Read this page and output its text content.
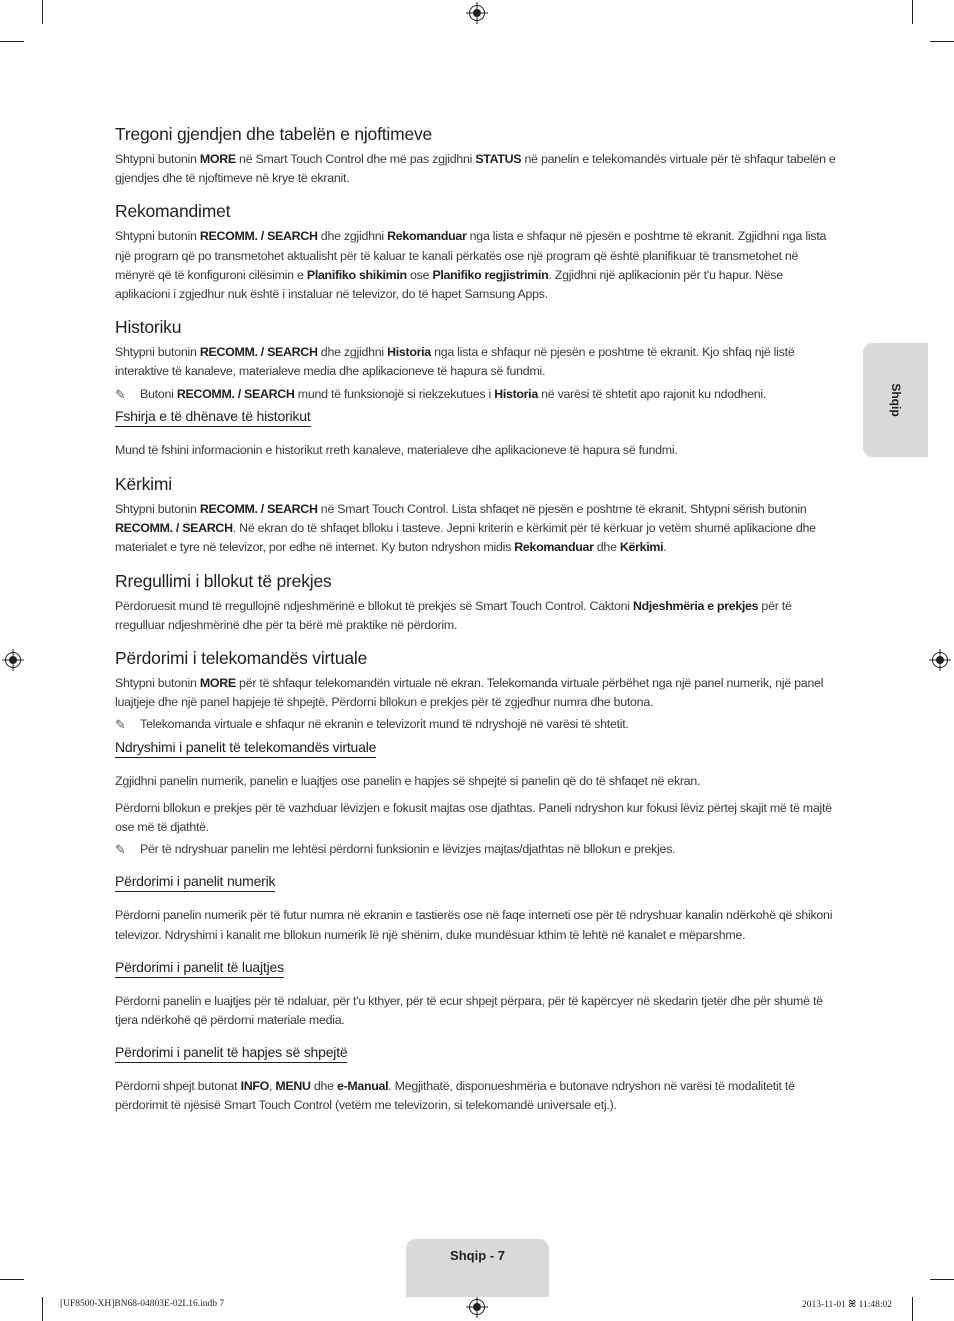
Tregoni gjendjen dhe tabelën e njoftimeve

Shtypni butonin MORE në Smart Touch Control dhe më pas zgjidhni STATUS në panelin e telekomandës virtuale për të shfaqur tabelën e gjendjes dhe të njoftimeve në krye të ekranit.

Rekomandimet

Shtypni butonin RECOMM. / SEARCH dhe zgjidhni Rekomanduar nga lista e shfaqur në pjesën e poshtme të ekranit. Zgjidhni nga lista një program që po transmetohet aktualisht për të kaluar te kanali përkatës ose një program që është planifikuar të transmetohet në mënyrë që të konfiguroni cilësimin e Planifiko shikimin ose Planifiko regjistrimin. Zgjidhni një aplikacionin për t'u hapur. Nëse aplikacioni i zgjedhur nuk është i instaluar në televizor, do të hapet Samsung Apps.

Historiku

Shtypni butonin RECOMM. / SEARCH dhe zgjidhni Historia nga lista e shfaqur në pjesën e poshtme të ekranit. Kjo shfaq një listë interaktive të kanaleve, materialeve media dhe aplikacioneve të hapura së fundmi.

✎ Butoni RECOMM. / SEARCH mund të funksionojë si riekzekutues i Historia në varësi të shtetit apo rajonit ku ndodheni.

Fshirja e të dhënave të historikut

Mund të fshini informacionin e historikut rreth kanaleve, materialeve dhe aplikacioneve të hapura së fundmi.

Kërkimi

Shtypni butonin RECOMM. / SEARCH në Smart Touch Control. Lista shfaqet në pjesën e poshtme të ekranit. Shtypni sërish butonin RECOMM. / SEARCH. Në ekran do të shfaqet blloku i tasteve. Jepni kriterin e kërkimit për të kërkuar jo vetëm shumë aplikacione dhe materialet e tyre në televizor, por edhe në internet. Ky buton ndryshon midis Rekomanduar dhe Kërkimi.

Rregullimi i bllokut të prekjes

Përdoruesit mund të rregullojnë ndjeshmërinë e bllokut të prekjes së Smart Touch Control. Caktoni Ndjeshmëria e prekjes për të rregulluar ndjeshmërinë dhe për ta bërë më praktike në përdorim.

Përdorimi i telekomandës virtuale

Shtypni butonin MORE për të shfaqur telekomandën virtuale në ekran. Telekomanda virtuale përbëhet nga një panel numerik, një panel luajtjeje dhe një panel hapjeje të shpejtë. Përdorni bllokun e prekjes për të zgjedhur numra dhe butona.

✎ Telekomanda virtuale e shfaqur në ekranin e televizorit mund të ndryshojë në varësi të shtetit.

Ndryshimi i panelit të telekomandës virtuale

Zgjidhni panelin numerik, panelin e luajtjes ose panelin e hapjes së shpejtë si panelin që do të shfaqet në ekran.

Përdorni bllokun e prekjes për të vazhduar lëvizjen e fokusit majtas ose djathtas. Paneli ndryshon kur fokusi lëviz përtej skajit më të majtë ose më të djathtë.

✎ Për të ndryshuar panelin me lehtësi përdorni funksionin e lëvizjes majtas/djathtas në bllokun e prekjes.

Përdorimi i panelit numerik

Përdorni panelin numerik për të futur numra në ekranin e tastierës ose në faqe interneti ose për të ndryshuar kanalin ndërkohë që shikoni televizor. Ndryshimi i kanalit me bllokun numerik lë një shënim, duke mundësuar kthim të lehtë në kanalet e mëparshme.

Përdorimi i panelit të luajtjes

Përdorni panelin e luajtjes për të ndaluar, për t'u kthyer, për të ecur shpejt përpara, për të kapërcyer në skedarin tjetër dhe për shumë të tjera ndërkohë që përdorni materiale media.

Përdorimi i panelit të hapjes së shpejtë

Përdorni shpejt butonat INFO, MENU dhe e-Manual. Megjithatë, disponueshmëria e butonave ndryshon në varësi të modalitetit të përdorimit të njësisë Smart Touch Control (vetëm me televizorin, si telekomandë universale etj.).

Shqip
Shqip - 7
[UF8500-XH]BN68-04803E-02L16.indb 7	2013-11-01 ꕤ 11:48:02
